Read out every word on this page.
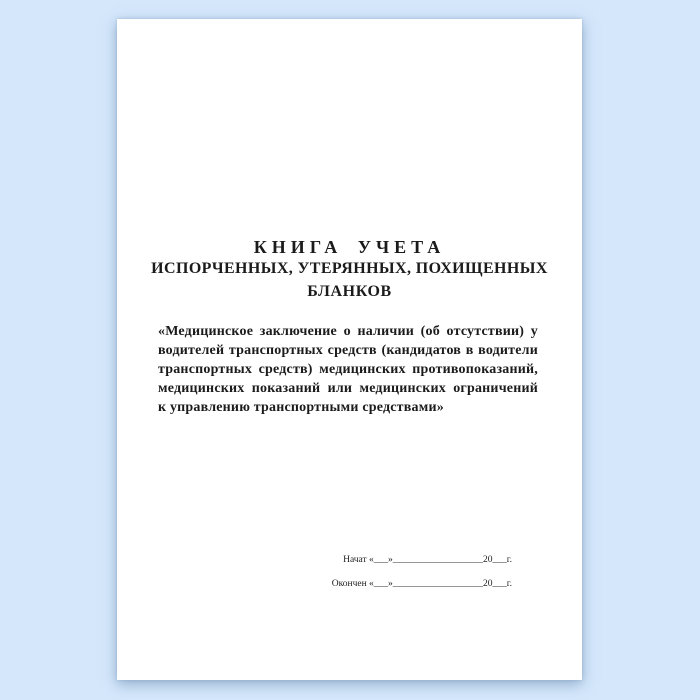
КНИГА УЧЕТА
ИСПОРЧЕННЫХ, УТЕРЯННЫХ, ПОХИЩЕННЫХ
БЛАНКОВ
«Медицинское заключение о наличии (об отсутствии) у
водителей транспортных средств (кандидатов в водители
транспортных средств) медицинских противопоказаний,
медицинских показаний или медицинских ограничений
к управлению транспортными средствами»
Начат «___»___________________20___г.
Окончен «___»___________________20___г.
